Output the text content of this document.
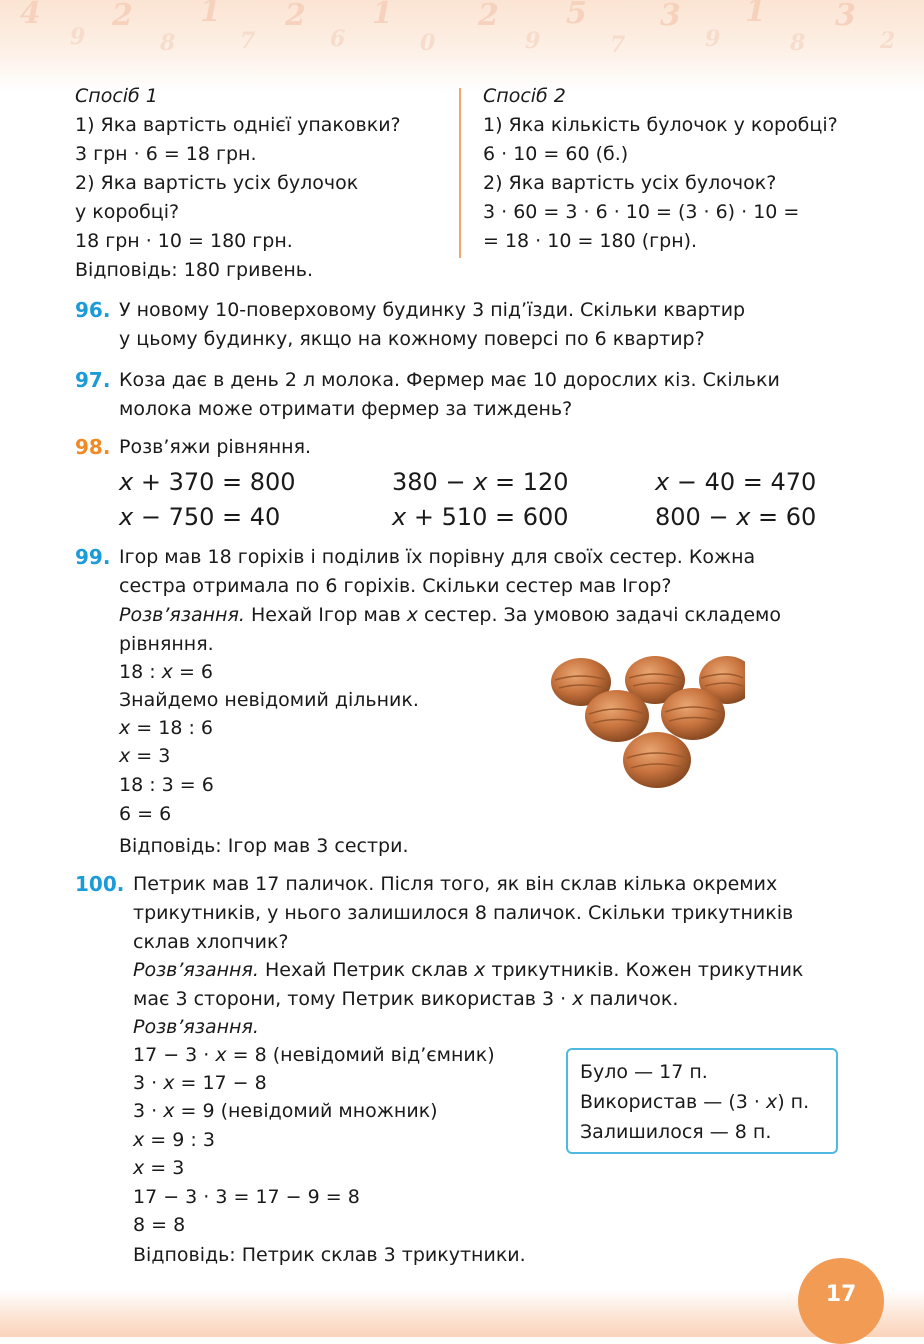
4
9
2
8
1
7
2
6
1
0
2
9
5
7
3
9
1
8
3
2
Спосіб 1
1) Яка вартість однієї упаковки?
3 грн · 6 = 18 грн.
2) Яка вартість усіх булочок
у коробці?
18 грн · 10 = 180 грн.
Відповідь: 180 гривень.
Спосіб 2
1) Яка кількість булочок у коробці?
6 · 10 = 60 (б.)
2) Яка вартість усіх булочок?
3 · 60 = 3 · 6 · 10 = (3 · 6) · 10 =
= 18 · 10 = 180 (грн).
96. У новому 10-поверховому будинку 3 під’їзди. Скільки квартир
у цьому будинку, якщо на кожному поверсі по 6 квартир?
97. Коза дає в день 2 л молока. Фермер має 10 дорослих кіз. Скільки
молока може отримати фермер за тиждень?
98. Розв’яжи рівняння.
x + 370 = 800	380 − x = 120	x − 40 = 470
x − 750 = 40	x + 510 = 600	800 − x = 60
99. Ігор мав 18 горіхів і поділив їх порівну для своїх сестер. Кожна
сестра отримала по 6 горіхів. Скільки сестер мав Ігор?
Розв’язання. Нехай Ігор мав x сестер. За умовою задачі складемо
рівняння.
18 : x = 6
Знайдемо невідомий дільник.
x = 18 : 6
x = 3
18 : 3 = 6
6 = 6
Відповідь: Ігор мав 3 сестри.
100. Петрик мав 17 паличок. Після того, як він склав кілька окремих
трикутників, у нього залишилося 8 паличок. Скільки трикутників
склав хлопчик?
Розв’язання. Нехай Петрик склав x трикутників. Кожен трикутник
має 3 сторони, тому Петрик використав 3 · x паличок.
Розв’язання.
17 − 3 · x = 8 (невідомий від’ємник)
3 · x = 17 − 8
3 · x = 9 (невідомий множник)
x = 9 : 3
x = 3
17 − 3 · 3 = 17 − 9 = 8
8 = 8
Відповідь: Петрик склав 3 трикутники.
Було — 17 п.
Використав — (3 · x) п.
Залишилося — 8 п.
17
